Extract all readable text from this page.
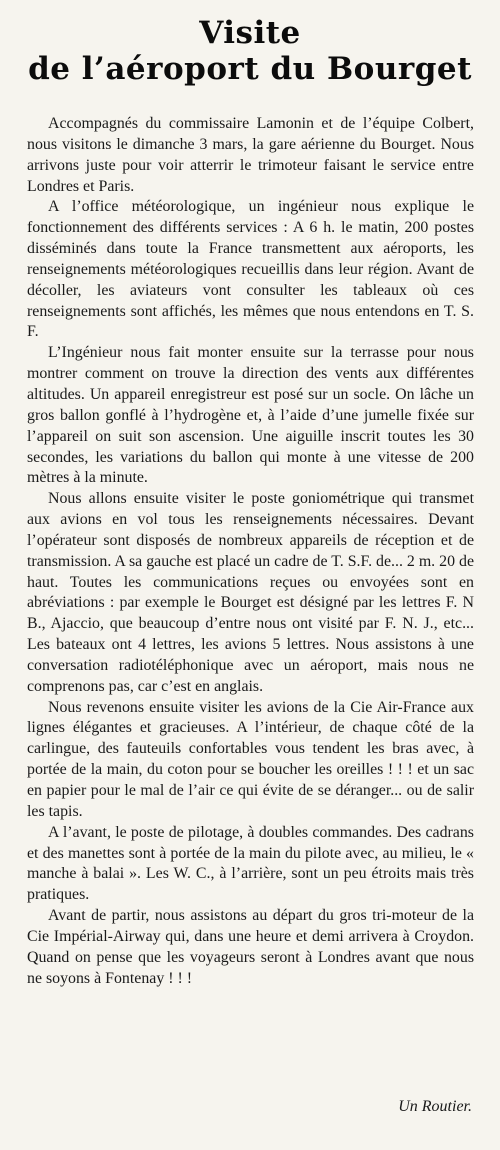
Visite
de l’aéroport du Bourget

Accompagnés du commissaire Lamonin et de l’équipe Colbert, nous visitons le dimanche 3 mars, la gare aérienne du Bourget. Nous arrivons juste pour voir atterrir le trimoteur faisant le service entre Londres et Paris.

A l’office météorologique, un ingénieur nous explique le fonctionnement des différents services : A 6 h. le matin, 200 postes disséminés dans toute la France transmettent aux aéroports, les renseignements météorologiques recueillis dans leur région. Avant de décoller, les aviateurs vont consulter les tableaux où ces renseignements sont affichés, les mêmes que nous entendons en T. S. F.

L’Ingénieur nous fait monter ensuite sur la terrasse pour nous montrer comment on trouve la direction des vents aux différentes altitudes. Un appareil enregistreur est posé sur un socle. On lâche un gros ballon gonflé à l’hydrogène et, à l’aide d’une jumelle fixée sur l’appareil on suit son ascension. Une aiguille inscrit toutes les 30 secondes, les variations du ballon qui monte à une vitesse de 200 mètres à la minute.

Nous allons ensuite visiter le poste goniométrique qui transmet aux avions en vol tous les renseignements nécessaires. Devant l’opérateur sont disposés de nombreux appareils de réception et de transmission. A sa gauche est placé un cadre de T. S.F. de... 2 m. 20 de haut. Toutes les communications reçues ou envoyées sont en abréviations : par exemple le Bourget est désigné par les lettres F. N B., Ajaccio, que beaucoup d’entre nous ont visité par F. N. J., etc... Les bateaux ont 4 lettres, les avions 5 lettres. Nous assistons à une conversation radiotéléphonique avec un aéroport, mais nous ne comprenons pas, car c’est en anglais.

Nous revenons ensuite visiter les avions de la Cie Air-France aux lignes élégantes et gracieuses. A l’intérieur, de chaque côté de la carlingue, des fauteuils confortables vous tendent les bras avec, à portée de la main, du coton pour se boucher les oreilles ! ! ! et un sac en papier pour le mal de l’air ce qui évite de se déranger... ou de salir les tapis.

A l’avant, le poste de pilotage, à doubles commandes. Des cadrans et des manettes sont à portée de la main du pilote avec, au milieu, le « manche à balai ». Les W. C., à l’arrière, sont un peu étroits mais très pratiques.

Avant de partir, nous assistons au départ du gros tri-moteur de la Cie Impérial-Airway qui, dans une heure et demi arrivera à Croydon. Quand on pense que les voyageurs seront à Londres avant que nous ne soyons à Fontenay ! ! !

Un Routier.
